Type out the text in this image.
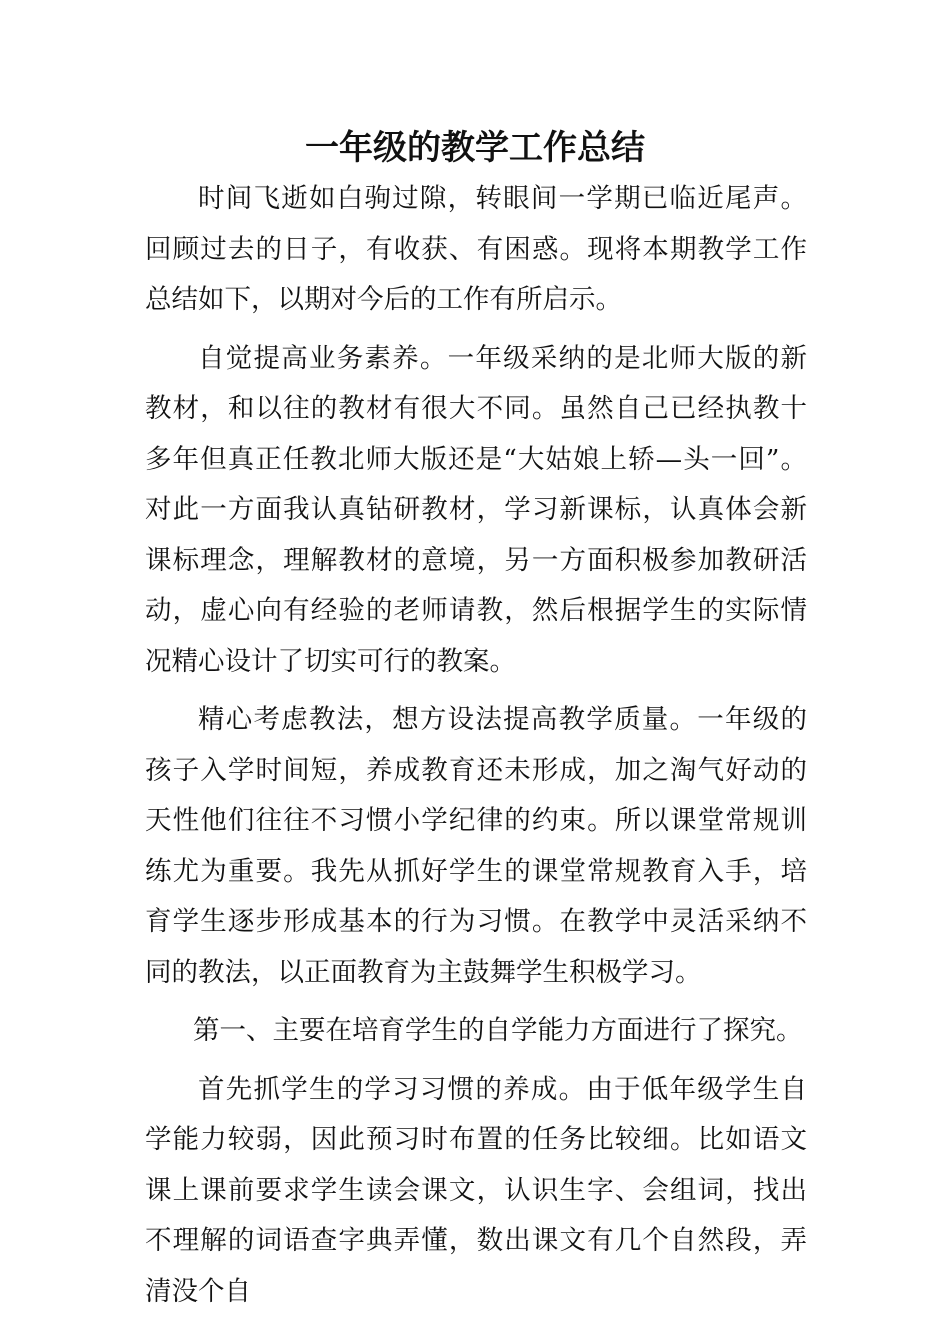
一年级的教学工作总结

时间飞逝如白驹过隙，转眼间一学期已临近尾声。回顾过去的日子，有收获、有困惑。现将本期教学工作总结如下，以期对今后的工作有所启示。

自觉提高业务素养。一年级采纳的是北师大版的新教材，和以往的教材有很大不同。虽然自己已经执教十多年但真正任教北师大版还是“大姑娘上轿—头一回”。对此一方面我认真钻研教材，学习新课标，认真体会新课标理念，理解教材的意境，另一方面积极参加教研活动，虚心向有经验的老师请教，然后根据学生的实际情况精心设计了切实可行的教案。

精心考虑教法，想方设法提高教学质量。一年级的孩子入学时间短，养成教育还未形成，加之淘气好动的天性他们往往不习惯小学纪律的约束。所以课堂常规训练尤为重要。我先从抓好学生的课堂常规教育入手，培育学生逐步形成基本的行为习惯。在教学中灵活采纳不同的教法，以正面教育为主鼓舞学生积极学习。

第一、主要在培育学生的自学能力方面进行了探究。

首先抓学生的学习习惯的养成。由于低年级学生自学能力较弱，因此预习时布置的任务比较细。比如语文课上课前要求学生读会课文，认识生字、会组词，找出不理解的词语查字典弄懂，数出课文有几个自然段，弄清没个自
